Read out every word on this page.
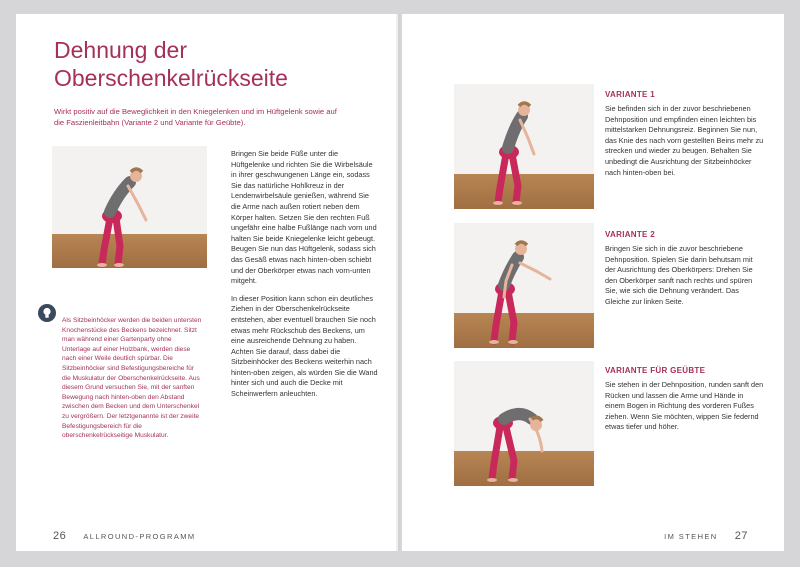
Dehnung der
Oberschenkelrückseite
Wirkt positiv auf die Beweglichkeit in den Kniegelenken und im Hüftgelenk sowie auf die Faszienleitbahn (Variante 2 und Variante für Geübte).

Bringen Sie beide Füße unter die Hüftgelenke und richten Sie die Wirbelsäule in ihrer geschwungenen Länge ein, sodass Sie das natürliche Hohlkreuz in der Lendenwirbelsäule genießen, während Sie die Arme nach außen rotiert neben dem Körper halten. Setzen Sie den rechten Fuß ungefähr eine halbe Fußlänge nach vorn und halten Sie beide Kniegelenke leicht gebeugt. Beugen Sie nun das Hüftgelenk, sodass sich das Gesäß etwas nach hinten-oben schiebt und der Oberkörper etwas nach vorn-unten mitgeht.

In dieser Position kann schon ein deutliches Ziehen in der Oberschenkelrückseite entstehen, aber eventuell brauchen Sie noch etwas mehr Rückschub des Beckens, um eine ausreichende Dehnung zu haben. Achten Sie darauf, dass dabei die Sitzbeinhöcker des Beckens weiterhin nach hinten-oben zeigen, als würden Sie die Wand hinter sich und auch die Decke mit Scheinwerfern anleuchten.

Als Sitzbeinhöcker werden die beiden untersten Knochenstücke des Beckens bezeichnet. Sitzt man während einer Gartenparty ohne Unterlage auf einer Holzbank, werden diese nach einer Weile deutlich spürbar. Die Sitzbeinhöcker sind Befestigungsbereiche für die Muskulatur der Oberschenkelrückseite. Aus diesem Grund versuchen Sie, mit der sanften Bewegung nach hinten-oben den Abstand zwischen dem Becken und dem Unterschenkel zu vergrößern. Der letztgenannte ist der zweite Befestigungsbereich für die oberschenkelrückseitige Muskulatur.
26 ALLROUND-PROGRAMM
VARIANTE 1
Sie befinden sich in der zuvor beschriebenen Dehnposition und empfinden einen leichten bis mittelstarken Dehnungsreiz. Beginnen Sie nun, das Knie des nach vorn gestellten Beins mehr zu strecken und wieder zu beugen. Behalten Sie unbedingt die Ausrichtung der Sitzbeinhöcker nach hinten-oben bei.
VARIANTE 2
Bringen Sie sich in die zuvor beschriebene Dehnposition. Spielen Sie darin behutsam mit der Ausrichtung des Oberkörpers: Drehen Sie den Oberkörper sanft nach rechts und spüren Sie, wie sich die Dehnung verändert. Das Gleiche zur linken Seite.
VARIANTE FÜR GEÜBTE
Sie stehen in der Dehnposition, runden sanft den Rücken und lassen die Arme und Hände in einem Bogen in Richtung des vorderen Fußes ziehen. Wenn Sie möchten, wippen Sie federnd etwas tiefer und höher.
IM STEHEN 27
